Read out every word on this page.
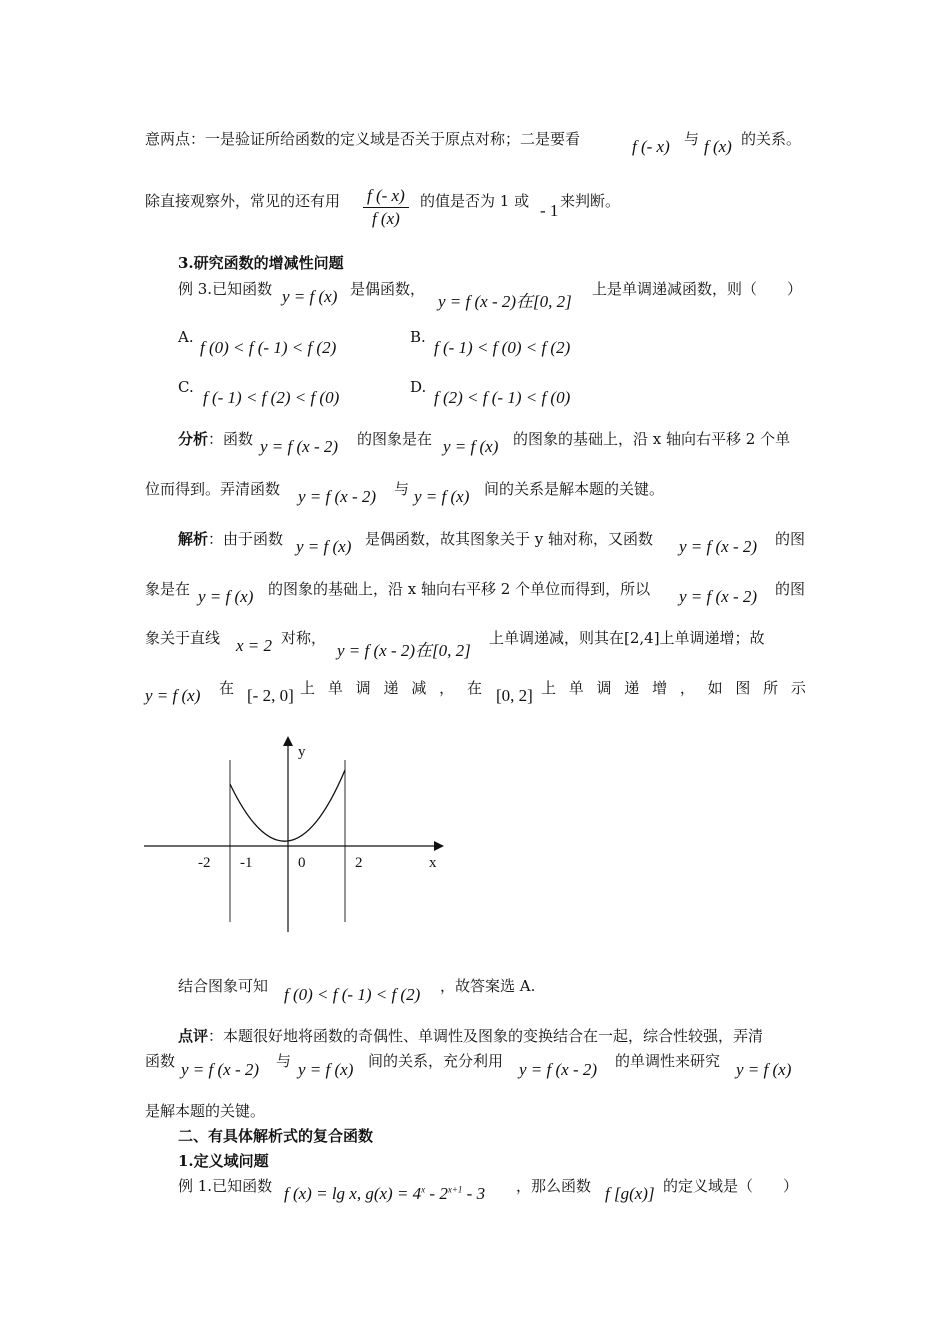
意两点：一是验证所给函数的定义域是否关于原点对称；二是要看	f (- x) 与 f (x) 的关系。
除直接观察外，常见的还有用 $\frac{f (- x)}{f (x)}$ 的值是否为 1 或 - 1 来判断。
3.研究函数的增减性问题
例 3.已知函数 y = f (x) 是偶函数，
y = f (x - 2)在[0, 2]
上是单调递减函数，则（　　）
A.
f (0) < f (- 1) < f (2)
B.
f (- 1) < f (0) < f (2)
C.
f (- 1) < f (2) < f (0)
D.
f (2) < f (- 1) < f (0)
分析 ：函数 y = f (x - 2) 的图象是在 y = f (x) 的图象的基础上，沿 x 轴向右平移 2 个单
位而得到。弄清函数 y = f (x - 2) 与 y = f (x) 间的关系是解本题的关键。
解析 ：由于函数 y = f (x) 是偶函数，故其图象关于 y 轴对称，又函数 y = f (x - 2) 的图
象是在 y = f (x) 的图象的基础上，沿 x 轴向右平移 2 个单位而得到，所以 y = f (x - 2) 的图
象关于直线 x = 2 对称，
y = f (x - 2)在[0, 2]
上单调递减，则其在[2,4]上单调递增；故
y = f (x) 在 [- 2, 0] 上 单 调 递 减 ， 在 [0, 2] 上 单 调 递 增 ， 如 图 所 示
y
x
-2 -1	0	2
结合图象可知 f (0) < f (- 1) < f (2) ，故答案选 A.
点评 ：本题很好地将函数的奇偶性、单调性及图象的变换结合在一起，综合性较强，弄清
函数 y = f (x - 2) 与 y = f (x) 间的关系，充分利用 y = f (x - 2) 的单调性来研究 y = f (x)
是解本题的关键。
二、有具体解析式的复合函数
1.定义域问题
例 1.已知函数 f (x) = lg x, $g(x) = 4^x - 2^{x+1} - 3$ ，那么函数 f [g(x)] 的定义域是（　　）
